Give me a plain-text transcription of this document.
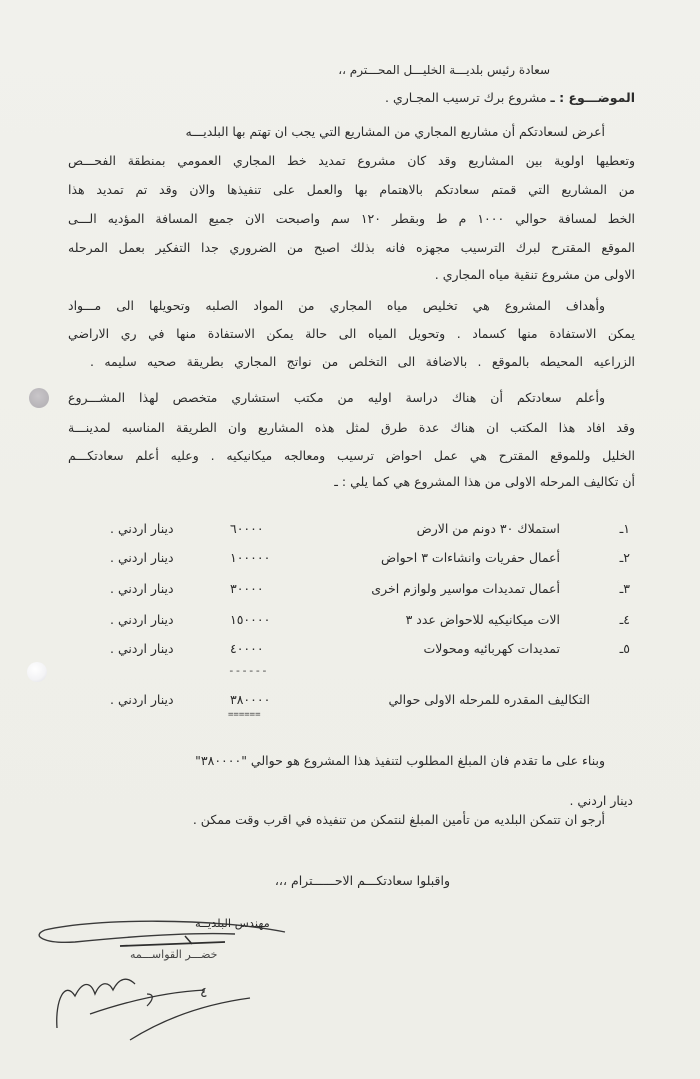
سعادة رئيس بلديـــة الخليـــل المحـــترم ،،
الموضـــوع : ـ مشروع برك ترسيب المجـاري .
أعرض لسعادتكم أن مشاريع المجاري من المشاريع التي يجب ان تهتم بها البلديـــه
وتعطيها اولوية بين المشاريع وقد كان مشروع تمديد خط المجاري العمومي بمنطقة الفحـــص
من المشاريع التي قمتم سعادتكم بالاهتمام بها والعمل على تنفيذها والان وقد تم تمديد هذا
الخط لمسافة حوالي ١٠٠٠ م ط وبقطر ١٢٠ سم واصبحت الان جميع المسافة المؤديه الـــى
الموقع المقترح لبرك الترسيب مجهزه فانه بذلك اصبح من الضروري جدا التفكير بعمل المرحله
الاولى من مشروع تنقية مياه المجاري .
وأهداف المشروع هي تخليص مياه المجاري من المواد الصلبه وتحويلها الى مـــواد
يمكن الاستفادة منها كسماد . وتحويل المياه الى حالة يمكن الاستفادة منها في ري الاراضي
الزراعيه المحيطه بالموقع . بالاضافة الى التخلص من نواتج المجاري بطريقة صحيه سليمه .
وأعلم سعادتكم أن هناك دراسة اوليه من مكتب استشاري متخصص لهذا المشـــروع
وقد افاد هذا المكتب ان هناك عدة طرق لمثل هذه المشاريع وان الطريقة المناسبه لمدينـــة
الخليل وللموقع المقترح هي عمل احواض ترسيب ومعالجه ميكانيكيه . وعليه أعلم سعادتكـــم
أن تكاليف المرحله الاولى من هذا المشروع هي كما يلي : ـ
١ـ
استملاك ٣٠ دونم من الارض
٦٠٠٠٠
دينار اردني .
٢ـ
أعمال حفريات وانشاءات ٣ احواض
١٠٠٠٠٠
دينار اردني .
٣ـ
أعمال تمديدات مواسير ولوازم اخرى
٣٠٠٠٠
دينار اردني .
٤ـ
الات ميكانيكيه للاحواض عدد ٣
١٥٠٠٠٠
دينار اردني .
٥ـ
تمديدات كهربائيه ومحولات
٤٠٠٠٠
دينار اردني .
------
التكاليف المقدره للمرحله الاولى حوالي
٣٨٠٠٠٠
دينار اردني .
======
وبناء على ما تقدم فان المبلغ المطلوب لتنفيذ هذا المشروع هو حوالي "٣٨٠٠٠٠"
دينار اردني .
أرجو ان تتمكن البلديه من تأمين المبلغ لنتمكن من تنفيذه في اقرب وقت ممكن .
واقبلوا سعادتكـــم الاحــــــترام ،،،
مهندس البلديــه
خضـــر القواســـمه
٤
